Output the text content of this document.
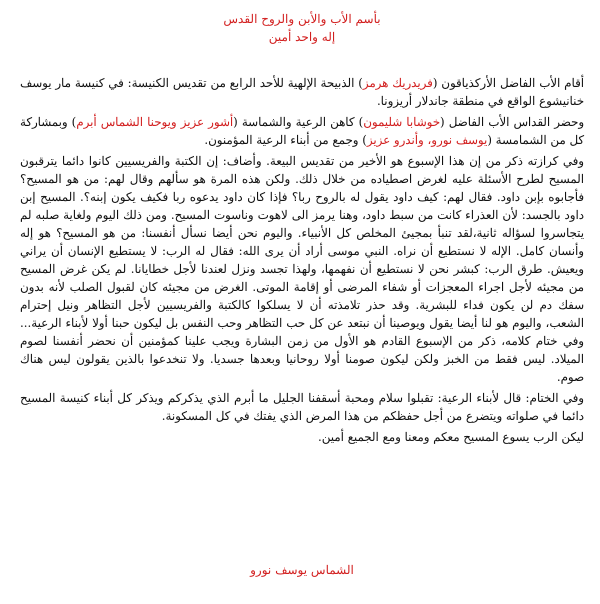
بأسم الأب والأبن والروح القدس
إله واحد أمين

أقام الأب الفاضل الأركذياقون (فريدريك هرمز) الذبيحة الإلهية للأحد الرابع من تقديس الكنيسة: في كنيسة مار يوسف خنانيشوع الواقع في منطقة جاندلار أريزونا.

وحضر القداس الأب الفاضل (خوشابا شليمون) كاهن الرعية والشماسة (أشور عزيز ويوحنا الشماس أبرم) وبمشاركة كل من الشمامسة (يوسف نورو، وأندرو عزيز) وجمع من أبناء الرعية المؤمنون.

وفي كرازته ذكر من إن هذا الإسبوع هو الأخير من تقديس البيعة. وأضاف: إن الكتبة والفريسيين كانوا دائما يترقبون المسيح لطرح الأسئلة عليه لغرض اصطياده من خلال ذلك. ولكن هذه المرة هو سألهم وقال لهم: من هو المسيح؟ فأجابوه بإبن داود. فقال لهم: كيف داود يقول له بالروح ربا؟ فإذا كان داود يدعوه ربا فكيف يكون إبنه؟. المسيح إبن داود بالجسد: لأن العذراء كانت من سبط داود، وهنا يرمز الى لاهوت وناسوت المسيح. ومن ذلك اليوم ولغاية صلبه لم يتجاسروا لسؤاله ثانية،لقد تنبأ بمجيئ المخلص كل الأنبياء. واليوم نحن أيضا نسأل أنفسنا: من هو المسيح؟ هو إله وأنسان كامل. الإله لا نستطيع أن نراه. النبي موسى أراد أن يرى الله: فقال له الرب: لا يستطيع الإنسان أن يراني ويعيش. طرق الرب: كبشر نحن لا نستطيع أن نفهمها، ولهذا تجسد ونزل لعندنا لأجل خطايانا. لم يكن غرض المسيح من مجيئه لأجل اجراء المعجزات أو شفاء المرضى أو إقامة الموتى. الغرض من مجيئه كان لقبول الصلب لأنه بدون سفك دم لن يكون فداء للبشرية. وقد حذر تلامذته أن لا يسلكوا كالكتبة والفريسيين لأجل التظاهر ونيل إحترام الشعب، واليوم هو لنا أيضا يقول ويوصينا أن نبتعد عن كل حب التظاهر وحب النفس بل ليكون حبنا أولا لأبناء الرعية... وفي ختام كلامه، ذكر من الإسبوع القادم هو الأول من زمن البشارة ويجب علينا كمؤمنين أن نحضر أنفسنا لصوم الميلاد. ليس فقط من الخبز ولكن ليكون صومنا أولا روحانيا وبعدها جسديا. ولا تنخدعوا بالذين يقولون ليس هناك صوم.

وفي الختام: قال لأبناء الرعية: تقبلوا سلام ومحبة أسقفنا الجليل ما أبرم الذي يذكركم ويذكر كل أبناء كنيسة المسيح دائما في صلواته ويتضرع من أجل حفظكم من هذا المرض الذي يفتك في كل المسكونة.

ليكن الرب يسوع المسيح معكم ومعنا ومع الجميع أمين.

الشماس يوسف نورو
